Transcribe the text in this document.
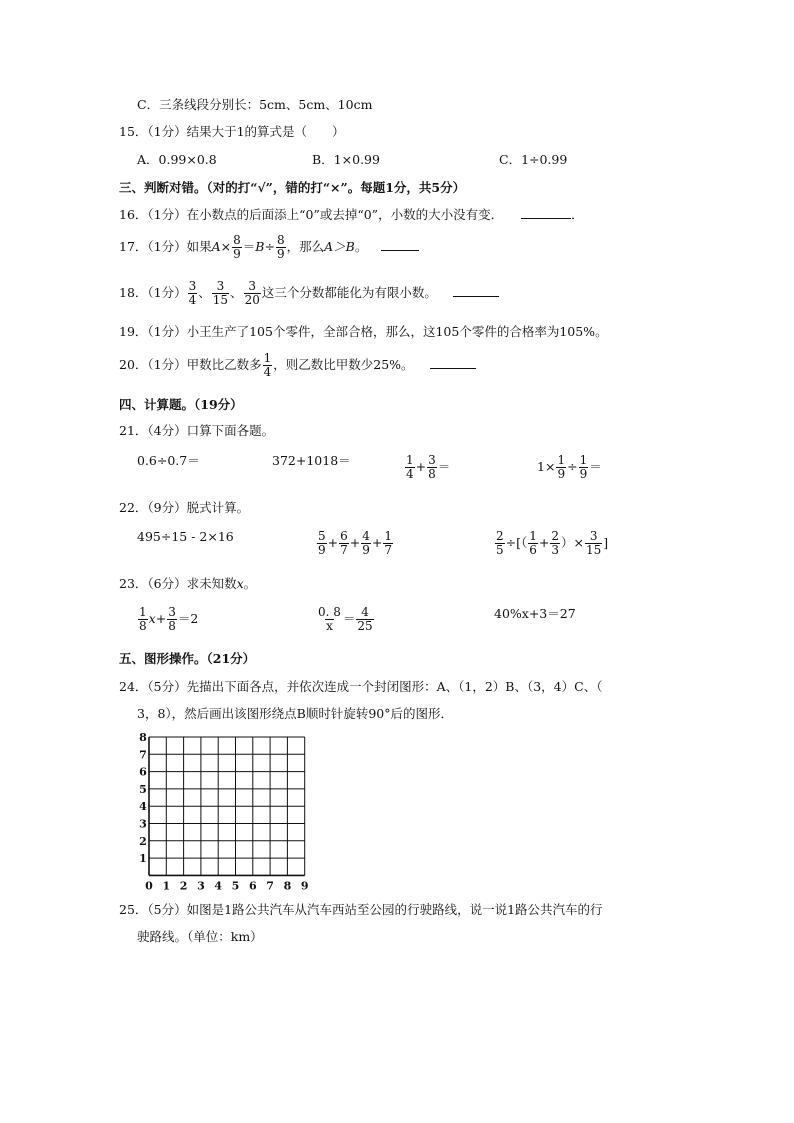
C．三条线段分别长：5cm、5cm、10cm
15．（1分）结果大于1的算式是（　　）
A．0.99×0.8	B．1×0.99	C．1÷0.99
三、判断对错。（对的打“√”，错的打“×”。每题1分，共5分）
16．（1分）在小数点的后面添上“0”或去掉“0”，小数的大小没有变．	．
17．（1分）如果$A\times \frac{8}{9} =B\div \frac{8}{9}$ ，那么A＞B。
18．（1分） $\frac{3}{4}$ 、 $\frac{3}{15}$ 、 $\frac{3}{20}$ 这三个分数都能化为有限小数。
19．（1分）小王生产了105个零件，全部合格，那么，这105个零件的合格率为105%。
20．（1分）甲数比乙数多 $\frac{1}{4}$ ，则乙数比甲数少25%。
四、计算题。（19分）
21．（4分）口算下面各题。
0.6÷0.7＝	372+1018＝	$\frac{1}{4} + \frac{3}{8}$ ＝	$1\times \frac{1}{9} \div \frac{1}{9}$ ＝
22．（9分）脱式计算。
495÷15 - 2×16	$\frac{5}{9} + \frac{6}{7} + \frac{4}{9} + \frac{1}{7}$	$\frac{2}{5}$ ÷[（ $\frac{1}{6} + \frac{2}{3}$ ）× $\frac{3}{15}$ ]
23．（6分）求未知数x。
$\frac{1}{8} x+ \frac{3}{8} =2$	$\frac{0. 8}{x} = \frac{4}{25}$	40%x+3＝27
五、图形操作。（21分）
24．（5分）先描出下面各点，并依次连成一个封闭图形：A、（1，2）B、（3，4）C、（
3，8），然后画出该图形绕点B顺时针旋转90°后的图形．
0 1 2 3 4 5 6 7 8 9
1
2
3
4
5
6
7
8
25．（5分）如图是1路公共汽车从汽车西站至公园的行驶路线，说一说1路公共汽车的行
驶路线。（单位：km）
